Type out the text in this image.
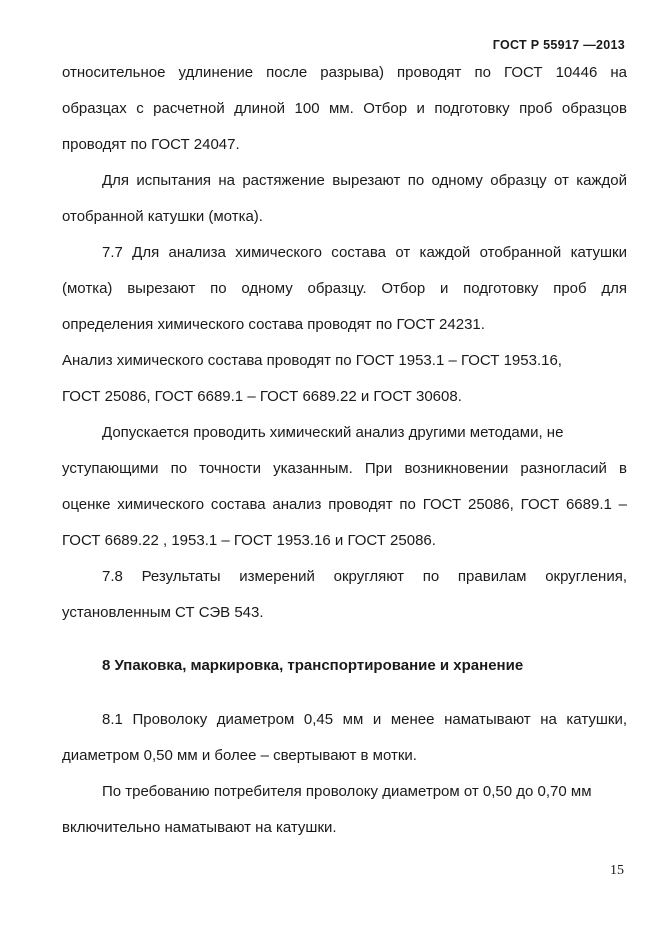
ГОСТ Р 55917 —2013
относительное удлинение после разрыва) проводят по ГОСТ 10446 на
образцах с расчетной длиной 100 мм. Отбор и подготовку проб образцов
проводят по ГОСТ 24047.
Для испытания на растяжение вырезают по одному образцу от каждой
отобранной катушки (мотка).
7.7 Для анализа химического состава от каждой отобранной катушки
(мотка) вырезают по одному образцу. Отбор и подготовку проб для
определения химического состава проводят по ГОСТ 24231.
Анализ химического состава проводят по ГОСТ 1953.1 – ГОСТ 1953.16,
ГОСТ 25086, ГОСТ 6689.1 – ГОСТ 6689.22 и ГОСТ 30608.
Допускается проводить химический анализ другими методами, не
уступающими по точности указанным. При возникновении разногласий в
оценке химического состава анализ проводят по ГОСТ 25086, ГОСТ 6689.1 –
ГОСТ 6689.22 , 1953.1 – ГОСТ 1953.16 и ГОСТ 25086.
7.8 Результаты измерений округляют по правилам округления,
установленным СТ СЭВ 543.
8 Упаковка, маркировка, транспортирование и хранение
8.1 Проволоку диаметром 0,45 мм и менее наматывают на катушки,
диаметром 0,50 мм и более – свертывают в мотки.
По требованию потребителя проволоку диаметром от 0,50 до 0,70 мм
включительно наматывают на катушки.
15
